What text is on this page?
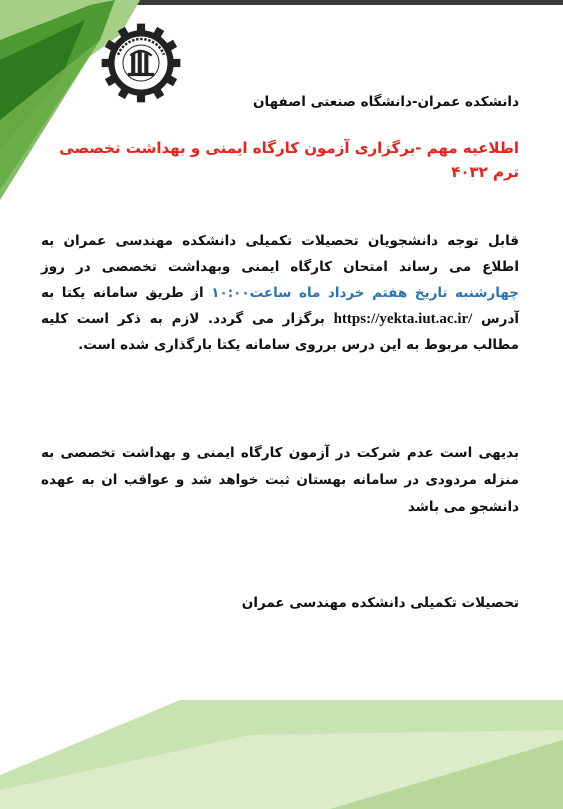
دانشکده عمران-دانشگاه صنعتی اصفهان
اطلاعیه مهم -برگزاری آزمون کارگاه ایمنی و بهداشت تخصصی
ترم ۴۰۳۲
قابل توجه دانشجویان تحصیلات تکمیلی دانشکده مهندسی عمران به اطلاع می رساند امتحان کارگاه ایمنی وبهداشت تخصصی در روز چهارشنبه تاریخ هفتم خرداد ماه ساعت۱۰:۰۰ از طریق سامانه یکتا به آدرس https://yekta.iut.ac.ir/ برگزار می گردد. لازم به ذکر است کلیه مطالب مربوط به این درس برروی سامانه یکتا بارگذاری شده است.
بدیهی است عدم شرکت در آزمون کارگاه ایمنی و بهداشت تخصصی به منزله مردودی در سامانه بهستان ثبت خواهد شد و عواقب ان به عهده دانشجو می باشد
تحصیلات تکمیلی دانشکده مهندسی عمران
